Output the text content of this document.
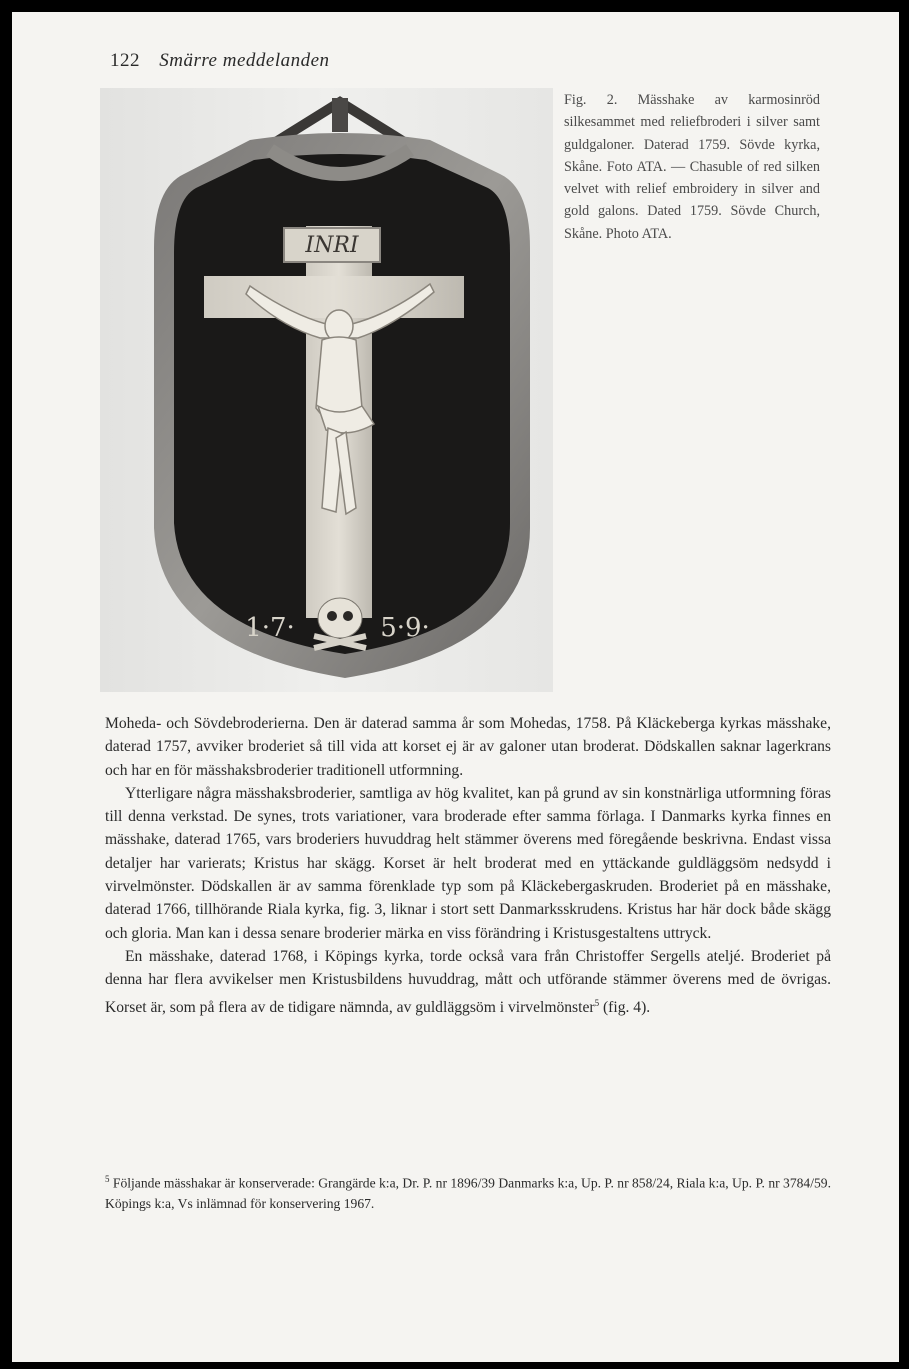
122 Smärre meddelanden
INRI
1·7·	5·9·
Fig. 2. Mässhake av karmosinröd silkesammet med reliefbroderi i silver samt guldgaloner. Daterad 1759. Sövde kyrka, Skåne. Foto ATA. — Chasuble of red silken velvet with relief embroidery in silver and gold galons. Dated 1759. Sövde Church, Skåne. Photo ATA.

Moheda- och Sövdebroderierna. Den är daterad samma år som Mohedas, 1758. På Kläckeberga kyrkas mässhake, daterad 1757, avviker broderiet så till vida att korset ej är av galoner utan broderat. Dödskallen saknar lagerkrans och har en för mässhaksbroderier traditionell utformning.

Ytterligare några mässhaksbroderier, samtliga av hög kvalitet, kan på grund av sin konstnärliga utformning föras till denna verkstad. De synes, trots variationer, vara broderade efter samma förlaga. I Danmarks kyrka finnes en mässhake, daterad 1765, vars broderiers huvuddrag helt stämmer överens med föregående beskrivna. Endast vissa detaljer har varierats; Kristus har skägg. Korset är helt broderat med en yttäckande guldläggsöm nedsydd i virvelmönster. Dödskallen är av samma förenklade typ som på Kläckebergaskruden. Broderiet på en mässhake, daterad 1766, tillhörande Riala kyrka, fig. 3, liknar i stort sett Danmarksskrudens. Kristus har här dock både skägg och gloria. Man kan i dessa senare broderier märka en viss förändring i Kristusgestaltens uttryck.

En mässhake, daterad 1768, i Köpings kyrka, torde också vara från Christoffer Sergells ateljé. Broderiet på denna har flera avvikelser men Kristusbildens huvuddrag, mått och utförande stämmer överens med de övrigas. Korset är, som på flera av de tidigare nämnda, av guldläggsöm i virvelmönster$^5$ (fig. 4).

$^5$ Följande mässhakar är konserverade: Grangärde k:a, Dr. P. nr 1896/39 Danmarks k:a, Up. P. nr 858/24, Riala k:a, Up. P. nr 3784/59. Köpings k:a, Vs inlämnad för konservering 1967.
